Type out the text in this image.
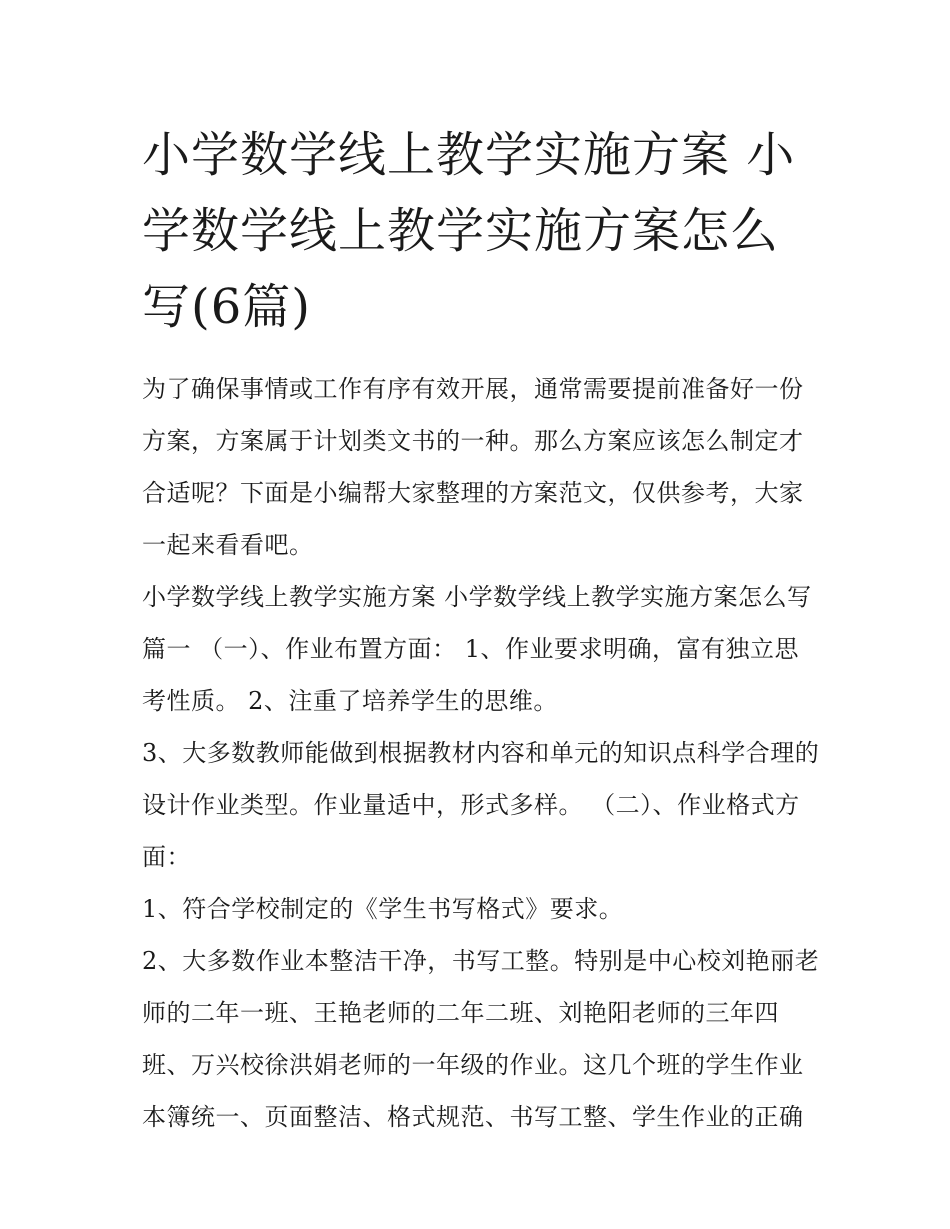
小学数学线上教学实施方案 小学数学线上教学实施方案怎么写(6篇)

为了确保事情或工作有序有效开展，通常需要提前准备好一份方案，方案属于计划类文书的一种。那么方案应该怎么制定才合适呢？下面是小编帮大家整理的方案范文，仅供参考，大家一起来看看吧。

小学数学线上教学实施方案 小学数学线上教学实施方案怎么写篇一 （一）、作业布置方面： 1、作业要求明确，富有独立思考性质。 2、注重了培养学生的思维。

3、大多数教师能做到根据教材内容和单元的知识点科学合理的设计作业类型。作业量适中，形式多样。 （二）、作业格式方面：

1、符合学校制定的《学生书写格式》要求。

2、大多数作业本整洁干净，书写工整。特别是中心校刘艳丽老师的二年一班、王艳老师的二年二班、刘艳阳老师的三年四班、万兴校徐洪娟老师的一年级的作业。这几个班的学生作业本簿统一、页面整洁、格式规范、书写工整、学生作业的正确
